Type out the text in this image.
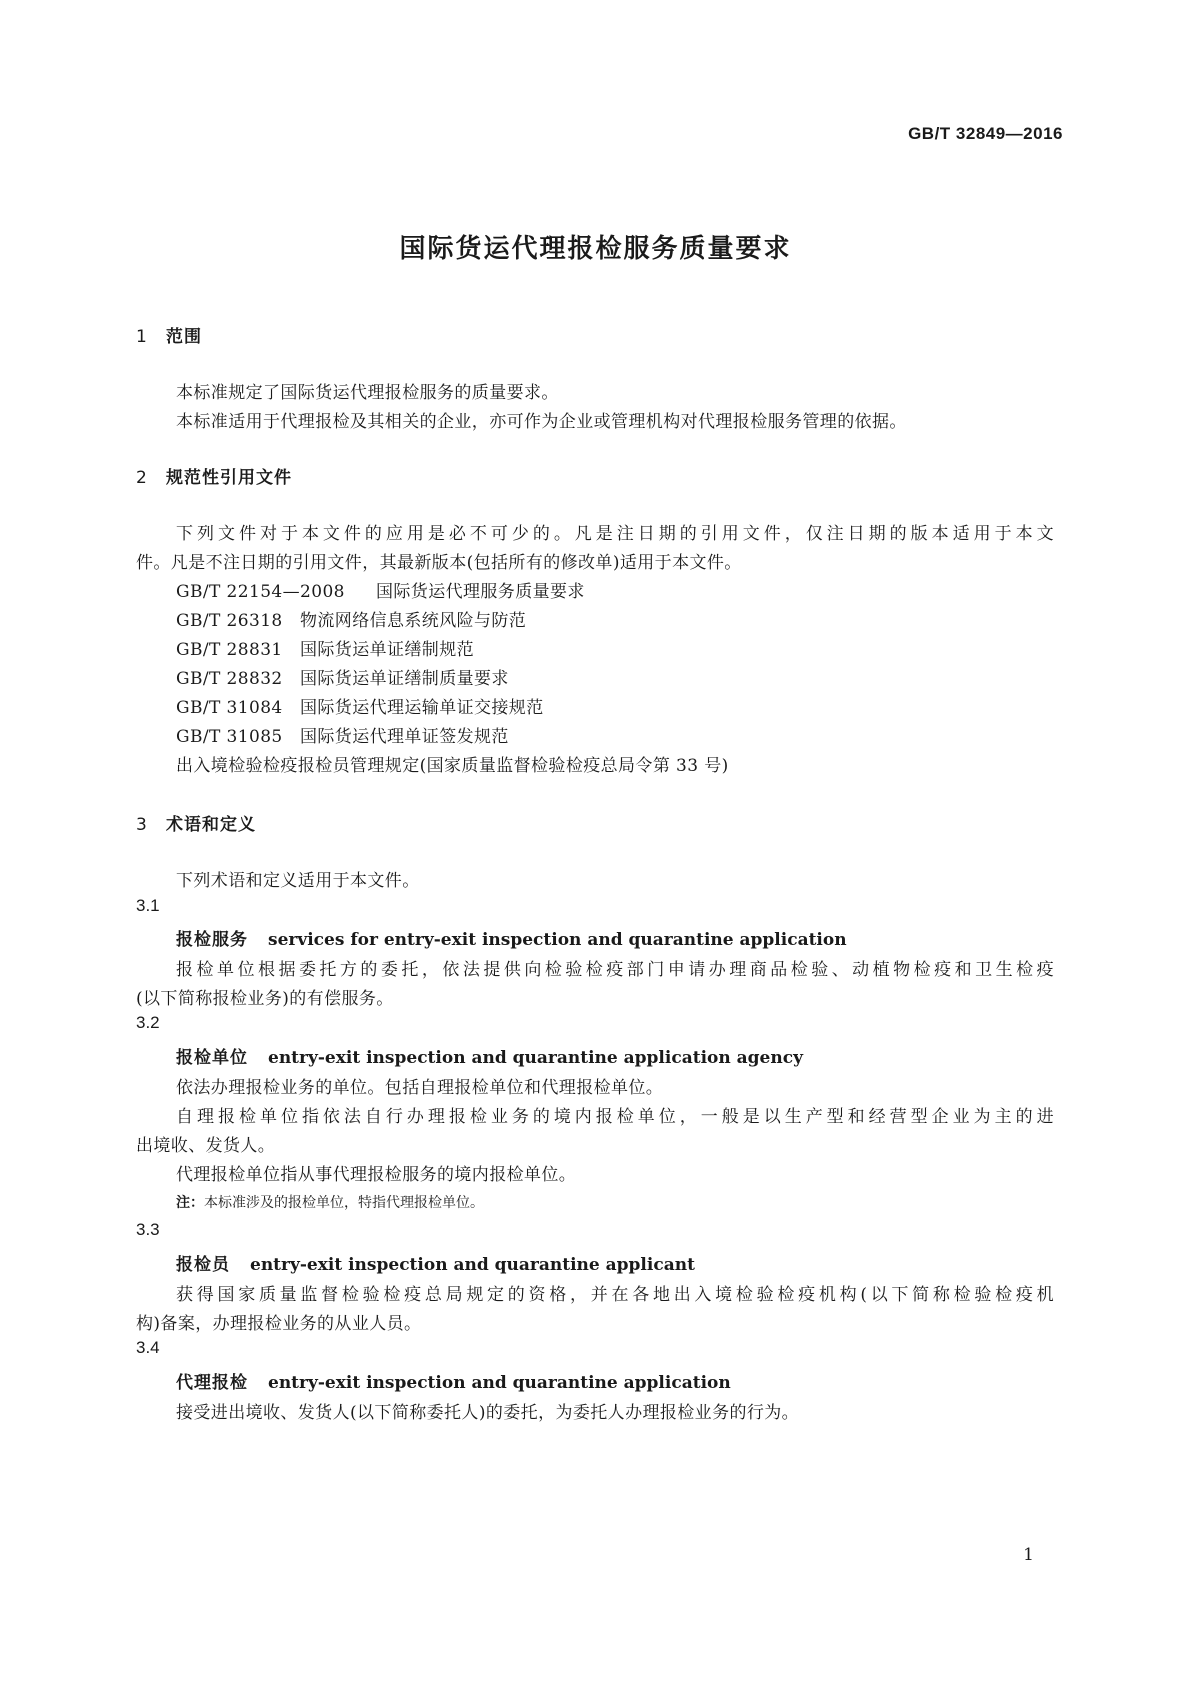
GB/T 32849—2016
国际货运代理报检服务质量要求
1 范围
本标准规定了国际货运代理报检服务的质量要求。
本标准适用于代理报检及其相关的企业，亦可作为企业或管理机构对代理报检服务管理的依据。
2 规范性引用文件
下列文件对于本文件的应用是必不可少的。凡是注日期的引用文件，仅注日期的版本适用于本文
件。凡是不注日期的引用文件，其最新版本(包括所有的修改单)适用于本文件。
GB/T 22154—2008 国际货运代理服务质量要求
GB/T 26318 物流网络信息系统风险与防范
GB/T 28831 国际货运单证缮制规范
GB/T 28832 国际货运单证缮制质量要求
GB/T 31084 国际货运代理运输单证交接规范
GB/T 31085 国际货运代理单证签发规范
出入境检验检疫报检员管理规定(国家质量监督检验检疫总局令第 33 号)
3 术语和定义
下列术语和定义适用于本文件。
3.1
报检服务 services for entry-exit inspection and quarantine application
报检单位根据委托方的委托，依法提供向检验检疫部门申请办理商品检验、动植物检疫和卫生检疫
(以下简称报检业务)的有偿服务。
3.2
报检单位 entry-exit inspection and quarantine application agency
依法办理报检业务的单位。包括自理报检单位和代理报检单位。
自理报检单位指依法自行办理报检业务的境内报检单位，一般是以生产型和经营型企业为主的进
出境收、发货人。
代理报检单位指从事代理报检服务的境内报检单位。
注：本标准涉及的报检单位，特指代理报检单位。
3.3
报检员 entry-exit inspection and quarantine applicant
获得国家质量监督检验检疫总局规定的资格，并在各地出入境检验检疫机构(以下简称检验检疫机
构)备案，办理报检业务的从业人员。
3.4
代理报检 entry-exit inspection and quarantine application
接受进出境收、发货人(以下简称委托人)的委托，为委托人办理报检业务的行为。
1
